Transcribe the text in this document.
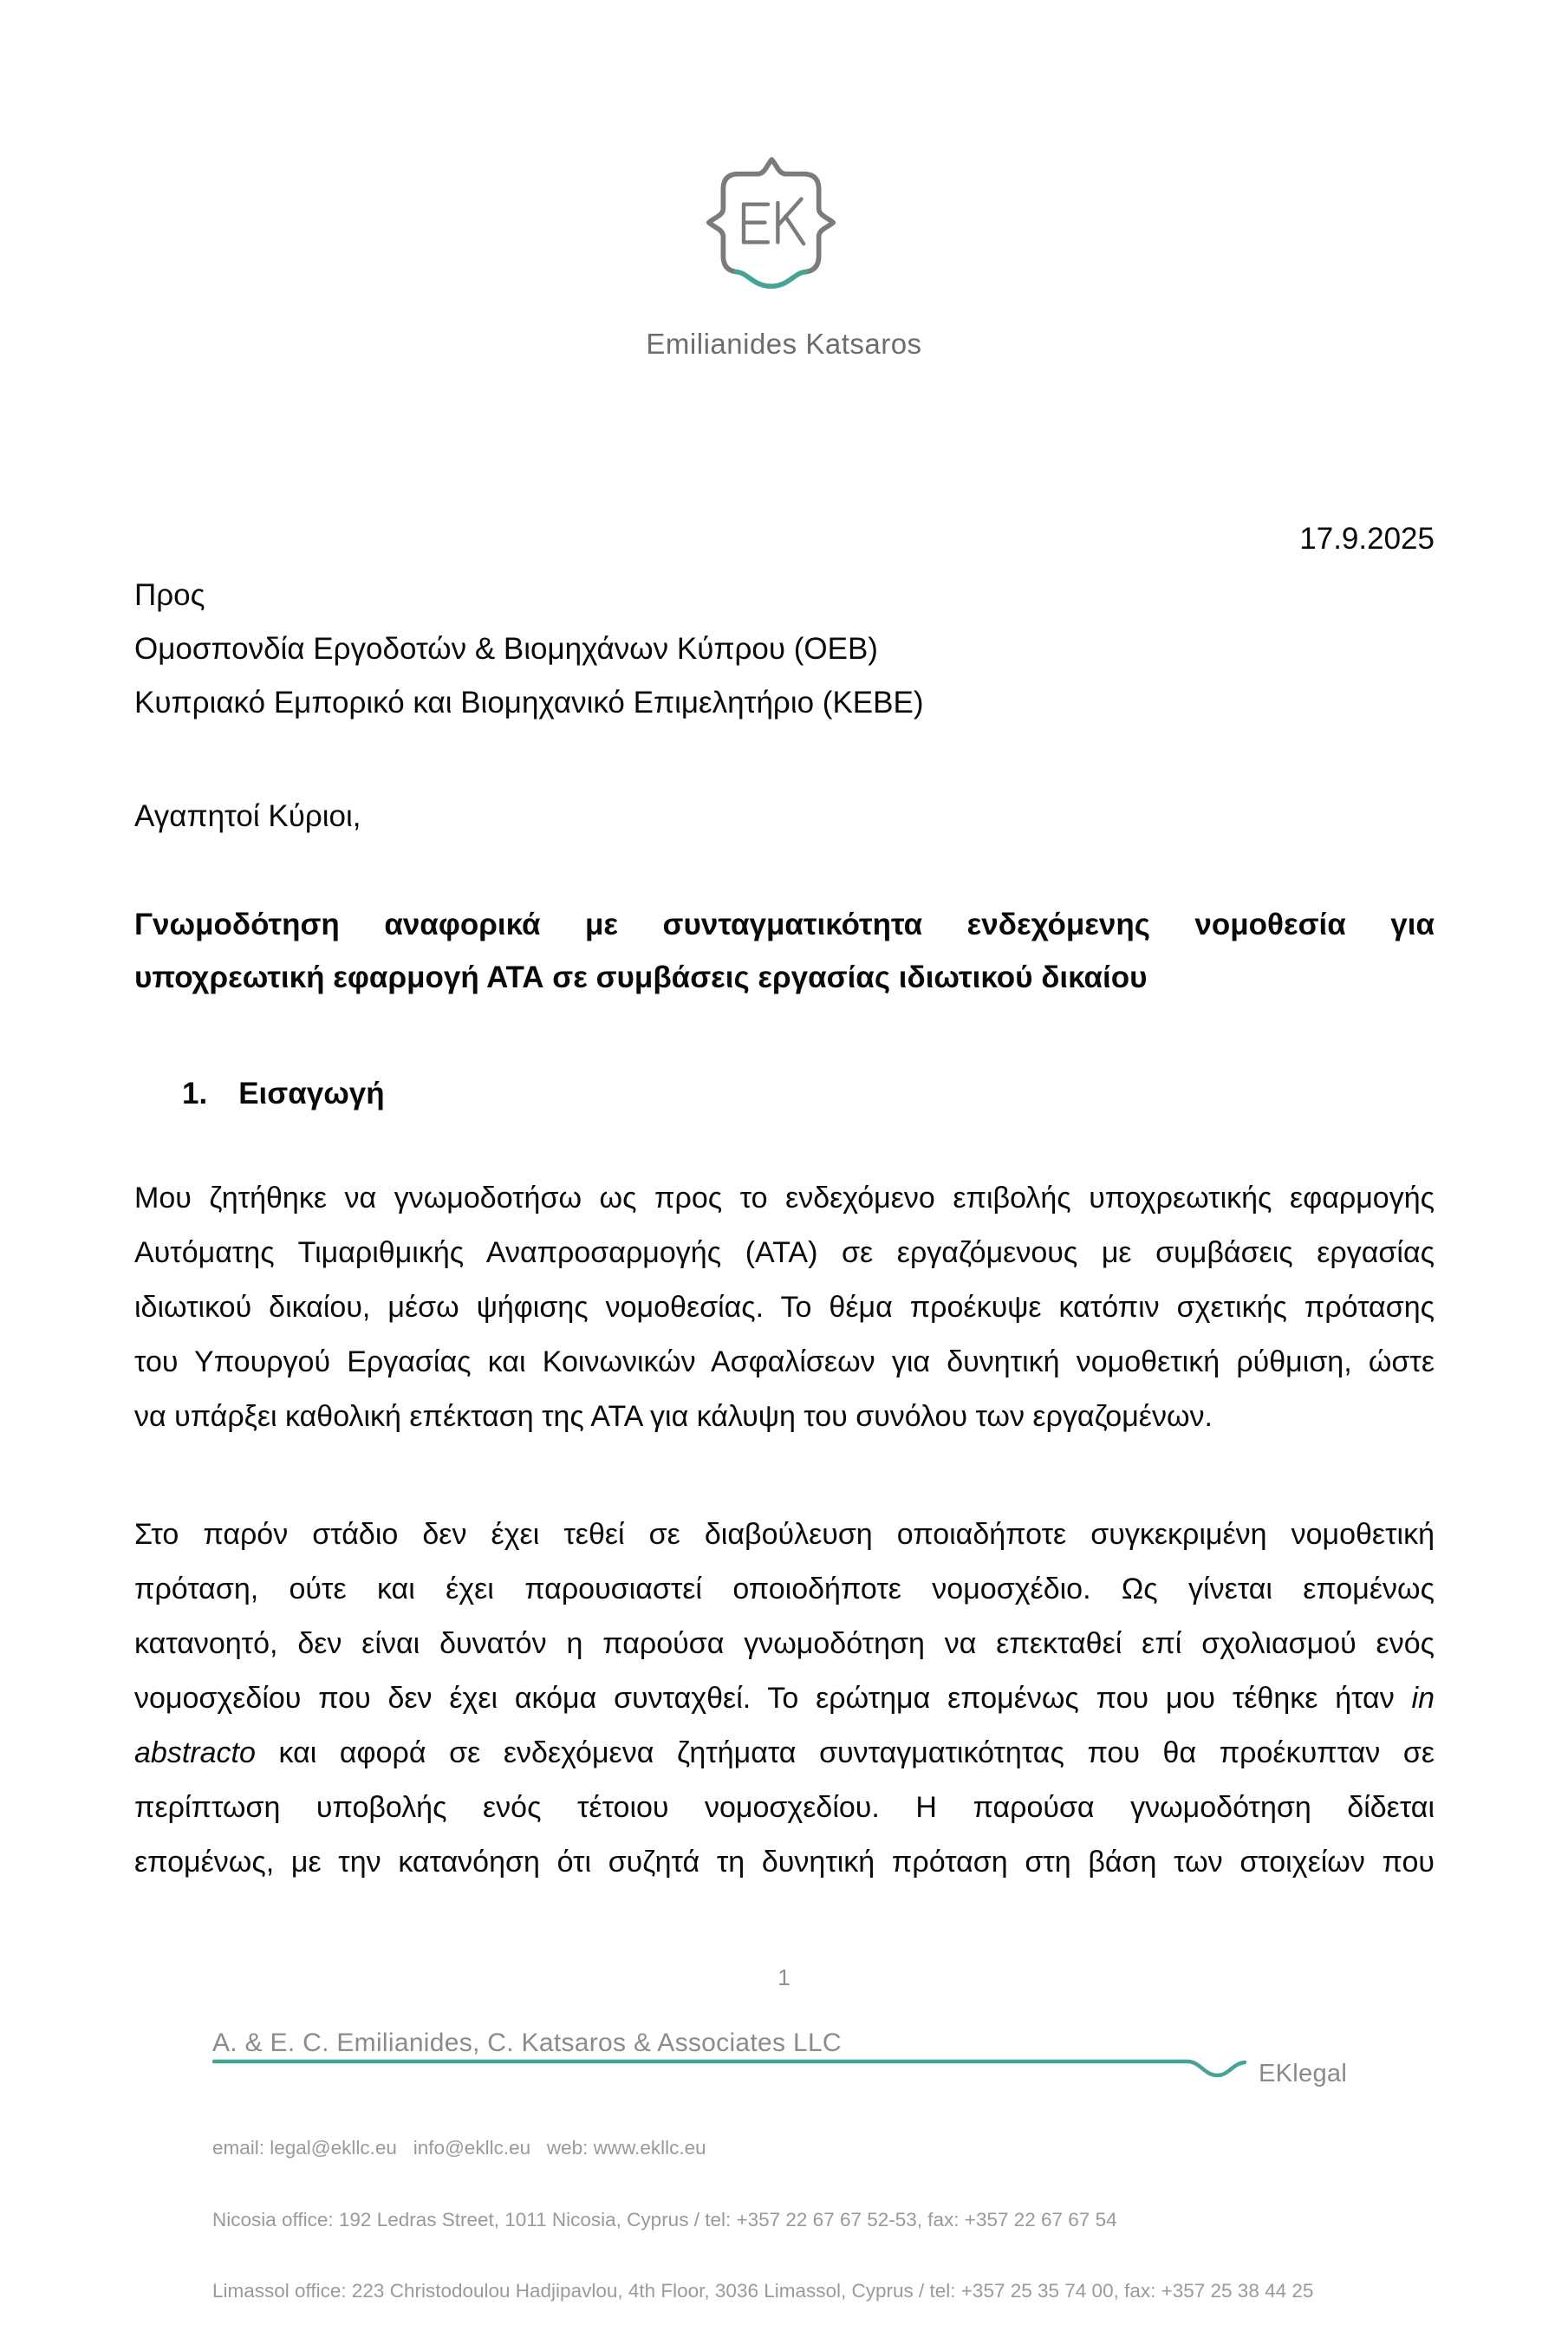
Emilianides Katsaros
17.9.2025
Προς
Ομοσπονδία Εργοδοτών & Βιομηχάνων Κύπρου (ΟΕΒ)
Κυπριακό Εμπορικό και Βιομηχανικό Επιμελητήριο (ΚΕΒΕ)
Αγαπητοί Κύριοι,
Γνωμοδότηση αναφορικά με συνταγματικότητα ενδεχόμενης νομοθεσία για
υποχρεωτική εφαρμογή ΑΤΑ σε συμβάσεις εργασίας ιδιωτικού δικαίου
1. Εισαγωγή
Μου ζητήθηκε να γνωμοδοτήσω ως προς το ενδεχόμενο επιβολής υποχρεωτικής εφαρμογής
Αυτόματης Τιμαριθμικής Αναπροσαρμογής (ΑΤΑ) σε εργαζόμενους με συμβάσεις εργασίας
ιδιωτικού δικαίου, μέσω ψήφισης νομοθεσίας. Το θέμα προέκυψε κατόπιν σχετικής πρότασης
του Υπουργού Εργασίας και Κοινωνικών Ασφαλίσεων για δυνητική νομοθετική ρύθμιση, ώστε
να υπάρξει καθολική επέκταση της ΑΤΑ για κάλυψη του συνόλου των εργαζομένων.
Στο παρόν στάδιο δεν έχει τεθεί σε διαβούλευση οποιαδήποτε συγκεκριμένη νομοθετική
πρόταση, ούτε και έχει παρουσιαστεί οποιοδήποτε νομοσχέδιο. Ως γίνεται επομένως
κατανοητό, δεν είναι δυνατόν η παρούσα γνωμοδότηση να επεκταθεί επί σχολιασμού ενός
νομοσχεδίου που δεν έχει ακόμα συνταχθεί. Το ερώτημα επομένως που μου τέθηκε ήταν in
abstracto και αφορά σε ενδεχόμενα ζητήματα συνταγματικότητας που θα προέκυπταν σε
περίπτωση υποβολής ενός τέτοιου νομοσχεδίου. Η παρούσα γνωμοδότηση δίδεται
επομένως, με την κατανόηση ότι συζητά τη δυνητική πρόταση στη βάση των στοιχείων που
1
A. & E. C. Emilianides, C. Katsaros & Associates LLC
EKlegal

email: legal@ekllc.eu   info@ekllc.eu   web: www.ekllc.eu

Nicosia office: 192 Ledras Street, 1011 Nicosia, Cyprus / tel: +357 22 67 67 52-53, fax: +357 22 67 67 54

Limassol office: 223 Christodoulou Hadjipavlou, 4th Floor, 3036 Limassol, Cyprus / tel: +357 25 35 74 00, fax: +357 25 38 44 25
